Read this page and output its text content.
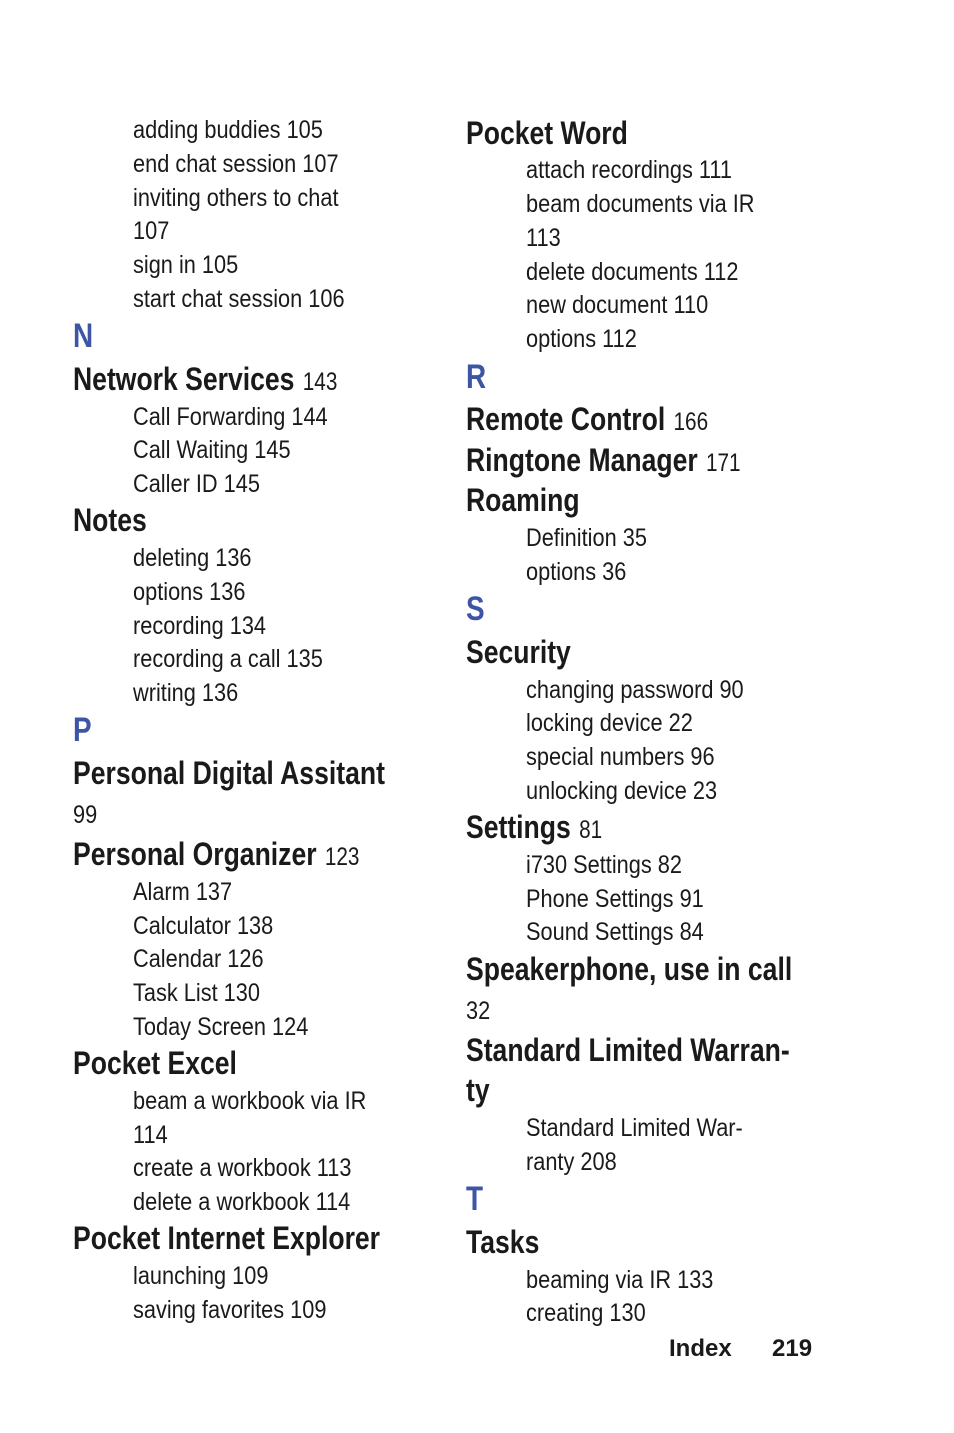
adding buddies 105
end chat session 107
inviting others to chat
107
sign in 105
start chat session 106
N
Network Services 143
Call Forwarding 144
Call Waiting 145
Caller ID 145
Notes
deleting 136
options 136
recording 134
recording a call 135
writing 136
P
Personal Digital Assitant
99
Personal Organizer 123
Alarm 137
Calculator 138
Calendar 126
Task List 130
Today Screen 124
Pocket Excel
beam a workbook via IR
114
create a workbook 113
delete a workbook 114
Pocket Internet Explorer
launching 109
saving favorites 109
Pocket Word
attach recordings 111
beam documents via IR
113
delete documents 112
new document 110
options 112
R
Remote Control 166
Ringtone Manager 171
Roaming
Definition 35
options 36
S
Security
changing password 90
locking device 22
special numbers 96
unlocking device 23
Settings 81
i730 Settings 82
Phone Settings 91
Sound Settings 84
Speakerphone, use in call
32
Standard Limited Warran-
ty
Standard Limited War-
ranty 208
T
Tasks
beaming via IR 133
creating 130
Index 219
